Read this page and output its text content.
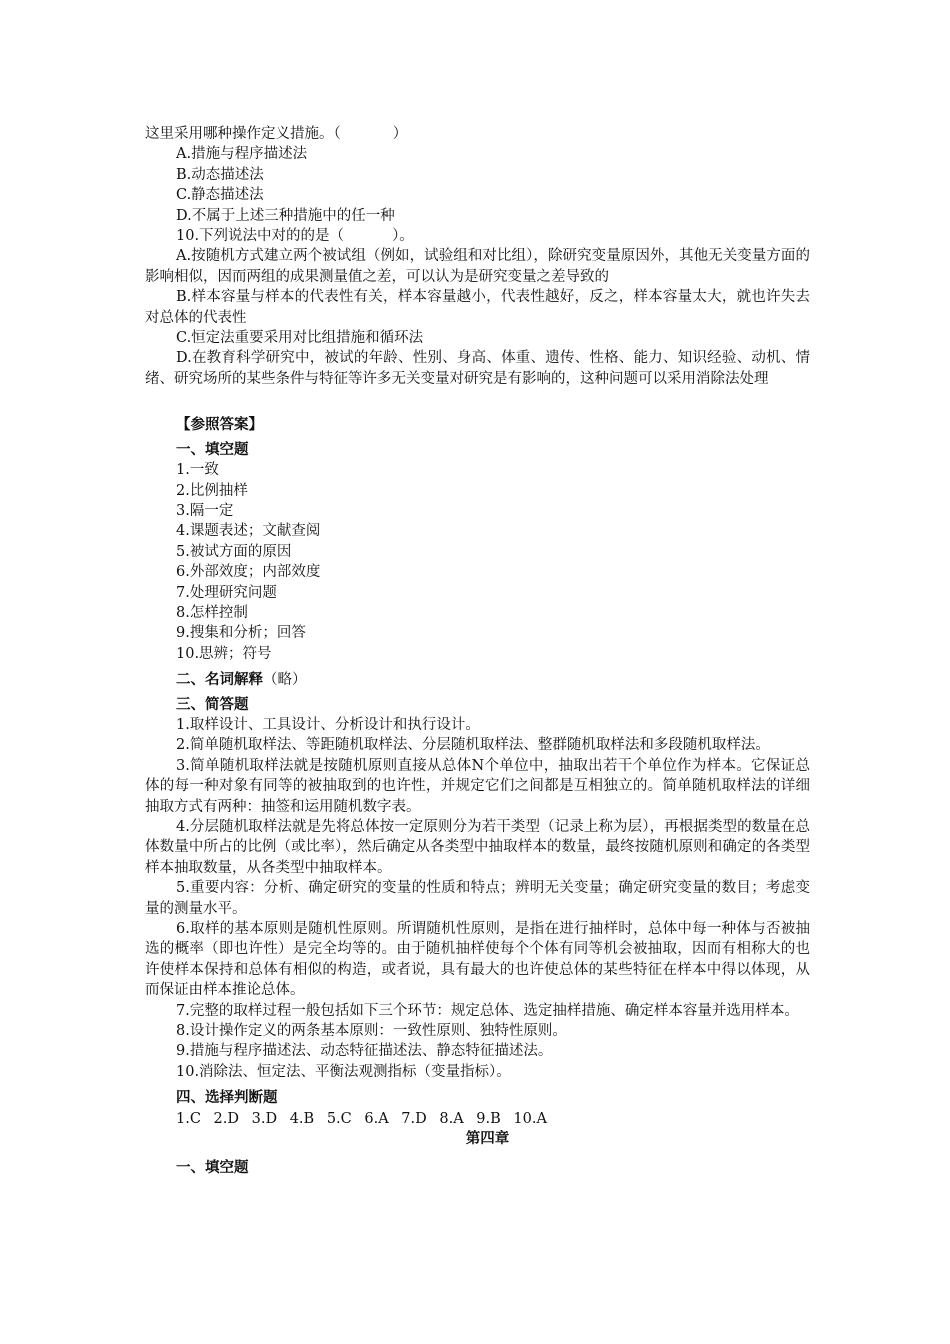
这里采用哪种操作定义措施。（	）
A.措施与程序描述法
B.动态描述法
C.静态描述法
D.不属于上述三种措施中的任一种
10.下列说法中对的的是（	）。
A.按随机方式建立两个被试组（例如，试验组和对比组），除研究变量原因外，其他无关变量方面的影响相似，因而两组的成果测量值之差，可以认为是研究变量之差导致的
B.样本容量与样本的代表性有关，样本容量越小，代表性越好，反之，样本容量太大，就也许失去对总体的代表性
C.恒定法重要采用对比组措施和循环法
D.在教育科学研究中，被试的年龄、性别、身高、体重、遗传、性格、能力、知识经验、动机、情绪、研究场所的某些条件与特征等许多无关变量对研究是有影响的，这种问题可以采用消除法处理
【参照答案】
一、填空题
1.一致
2.比例抽样
3.隔一定
4.课题表述；文献查阅
5.被试方面的原因
6.外部效度；内部效度
7.处理研究问题
8.怎样控制
9.搜集和分析；回答
10.思辨；符号
二、名词解释（略）
三、简答题
1.取样设计、工具设计、分析设计和执行设计。
2.简单随机取样法、等距随机取样法、分层随机取样法、整群随机取样法和多段随机取样法。
3.简单随机取样法就是按随机原则直接从总体N个单位中，抽取出若干个单位作为样本。它保证总体的每一种对象有同等的被抽取到的也许性，并规定它们之间都是互相独立的。简单随机取样法的详细抽取方式有两种：抽签和运用随机数字表。
4.分层随机取样法就是先将总体按一定原则分为若干类型（记录上称为层），再根据类型的数量在总体数量中所占的比例（或比率），然后确定从各类型中抽取样本的数量，最终按随机原则和确定的各类型样本抽取数量，从各类型中抽取样本。
5.重要内容：分析、确定研究的变量的性质和特点；辨明无关变量；确定研究变量的数目；考虑变量的测量水平。
6.取样的基本原则是随机性原则。所谓随机性原则，是指在进行抽样时，总体中每一种体与否被抽选的概率（即也许性）是完全均等的。由于随机抽样使每个个体有同等机会被抽取，因而有相称大的也许使样本保持和总体有相似的构造，或者说，具有最大的也许使总体的某些特征在样本中得以体现，从而保证由样本推论总体。
7.完整的取样过程一般包括如下三个环节：规定总体、选定抽样措施、确定样本容量并选用样本。
8.设计操作定义的两条基本原则：一致性原则、独特性原则。
9.措施与程序描述法、动态特征描述法、静态特征描述法。
10.消除法、恒定法、平衡法观测指标（变量指标）。
四、选择判断题
1.C 2.D 3.D 4.B 5.C 6.A 7.D 8.A 9.B 10.A
第四章
一、填空题
